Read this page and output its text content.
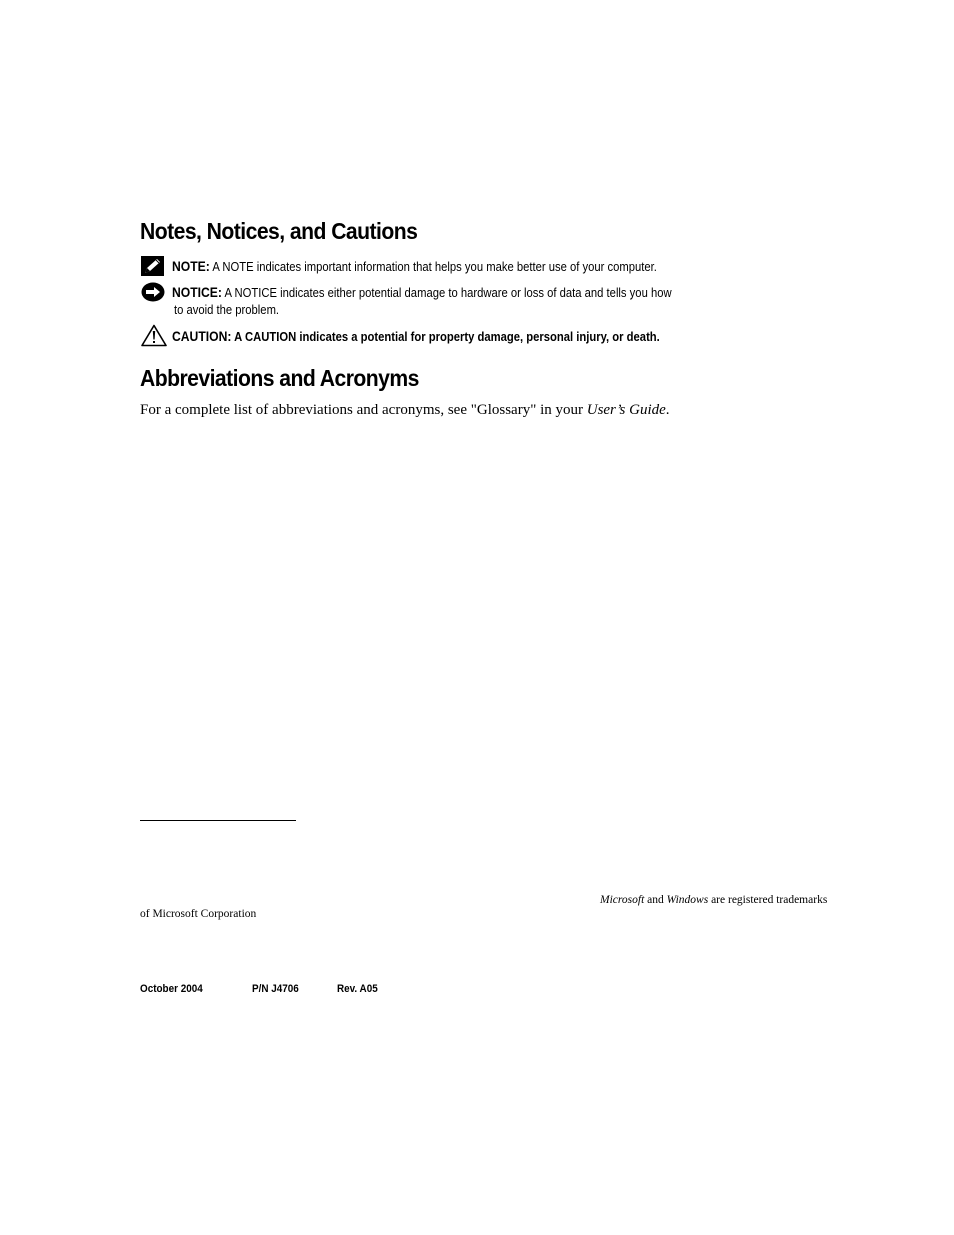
Notes, Notices, and Cautions
NOTE: A NOTE indicates important information that helps you make better use of your computer.
NOTICE: A NOTICE indicates either potential damage to hardware or loss of data and tells you how
to avoid the problem.
CAUTION: A CAUTION indicates a potential for property damage, personal injury, or death.
Abbreviations and Acronyms
For a complete list of abbreviations and acronyms, see "Glossary" in your User’s Guide.
Microsoft and Windows are registered trademarks
of Microsoft Corporation
October 2004	P/N J4706	Rev. A05
